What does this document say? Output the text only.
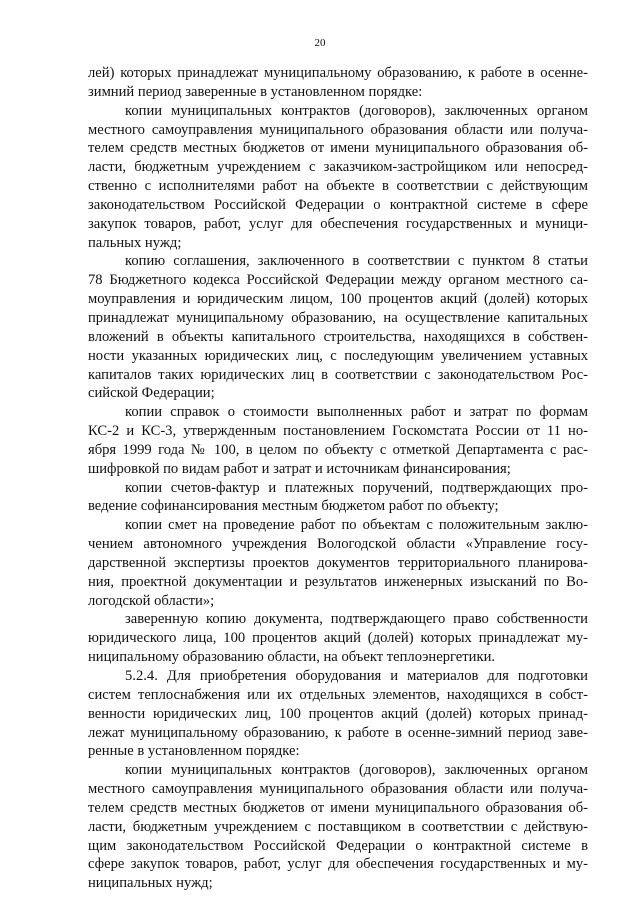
20
лей) которых принадлежат муниципальному образованию, к работе в осенне-
зимний период заверенные в установленном порядке:
копии муниципальных контрактов (договоров), заключенных органом
местного самоуправления муниципального образования области или получа-
телем средств местных бюджетов от имени муниципального образования об-
ласти, бюджетным учреждением с заказчиком-застройщиком или непосред-
ственно с исполнителями работ на объекте в соответствии с действующим
законодательством Российской Федерации о контрактной системе в сфере
закупок товаров, работ, услуг для обеспечения государственных и муници-
пальных нужд;
копию соглашения, заключенного в соответствии с пунктом 8 статьи
78 Бюджетного кодекса Российской Федерации между органом местного са-
моуправления и юридическим лицом, 100 процентов акций (долей) которых
принадлежат муниципальному образованию, на осуществление капитальных
вложений в объекты капитального строительства, находящихся в собствен-
ности указанных юридических лиц, с последующим увеличением уставных
капиталов таких юридических лиц в соответствии с законодательством Рос-
сийской Федерации;
копии справок о стоимости выполненных работ и затрат по формам
КС-2 и КС-3, утвержденным постановлением Госкомстата России от 11 но-
ября 1999 года № 100, в целом по объекту с отметкой Департамента с рас-
шифровкой по видам работ и затрат и источникам финансирования;
копии счетов-фактур и платежных поручений, подтверждающих про-
ведение софинансирования местным бюджетом работ по объекту;
копии смет на проведение работ по объектам с положительным заклю-
чением автономного учреждения Вологодской области «Управление госу-
дарственной экспертизы проектов документов территориального планирова-
ния, проектной документации и результатов инженерных изысканий по Во-
логодской области»;
заверенную копию документа, подтверждающего право собственности
юридического лица, 100 процентов акций (долей) которых принадлежат му-
ниципальному образованию области, на объект теплоэнергетики.
5.2.4. Для приобретения оборудования и материалов для подготовки
систем теплоснабжения или их отдельных элементов, находящихся в собст-
венности юридических лиц, 100 процентов акций (долей) которых принад-
лежат муниципальному образованию, к работе в осенне-зимний период заве-
ренные в установленном порядке:
копии муниципальных контрактов (договоров), заключенных органом
местного самоуправления муниципального образования области или получа-
телем средств местных бюджетов от имени муниципального образования об-
ласти, бюджетным учреждением с поставщиком в соответствии с действую-
щим законодательством Российской Федерации о контрактной системе в
сфере закупок товаров, работ, услуг для обеспечения государственных и му-
ниципальных нужд;
